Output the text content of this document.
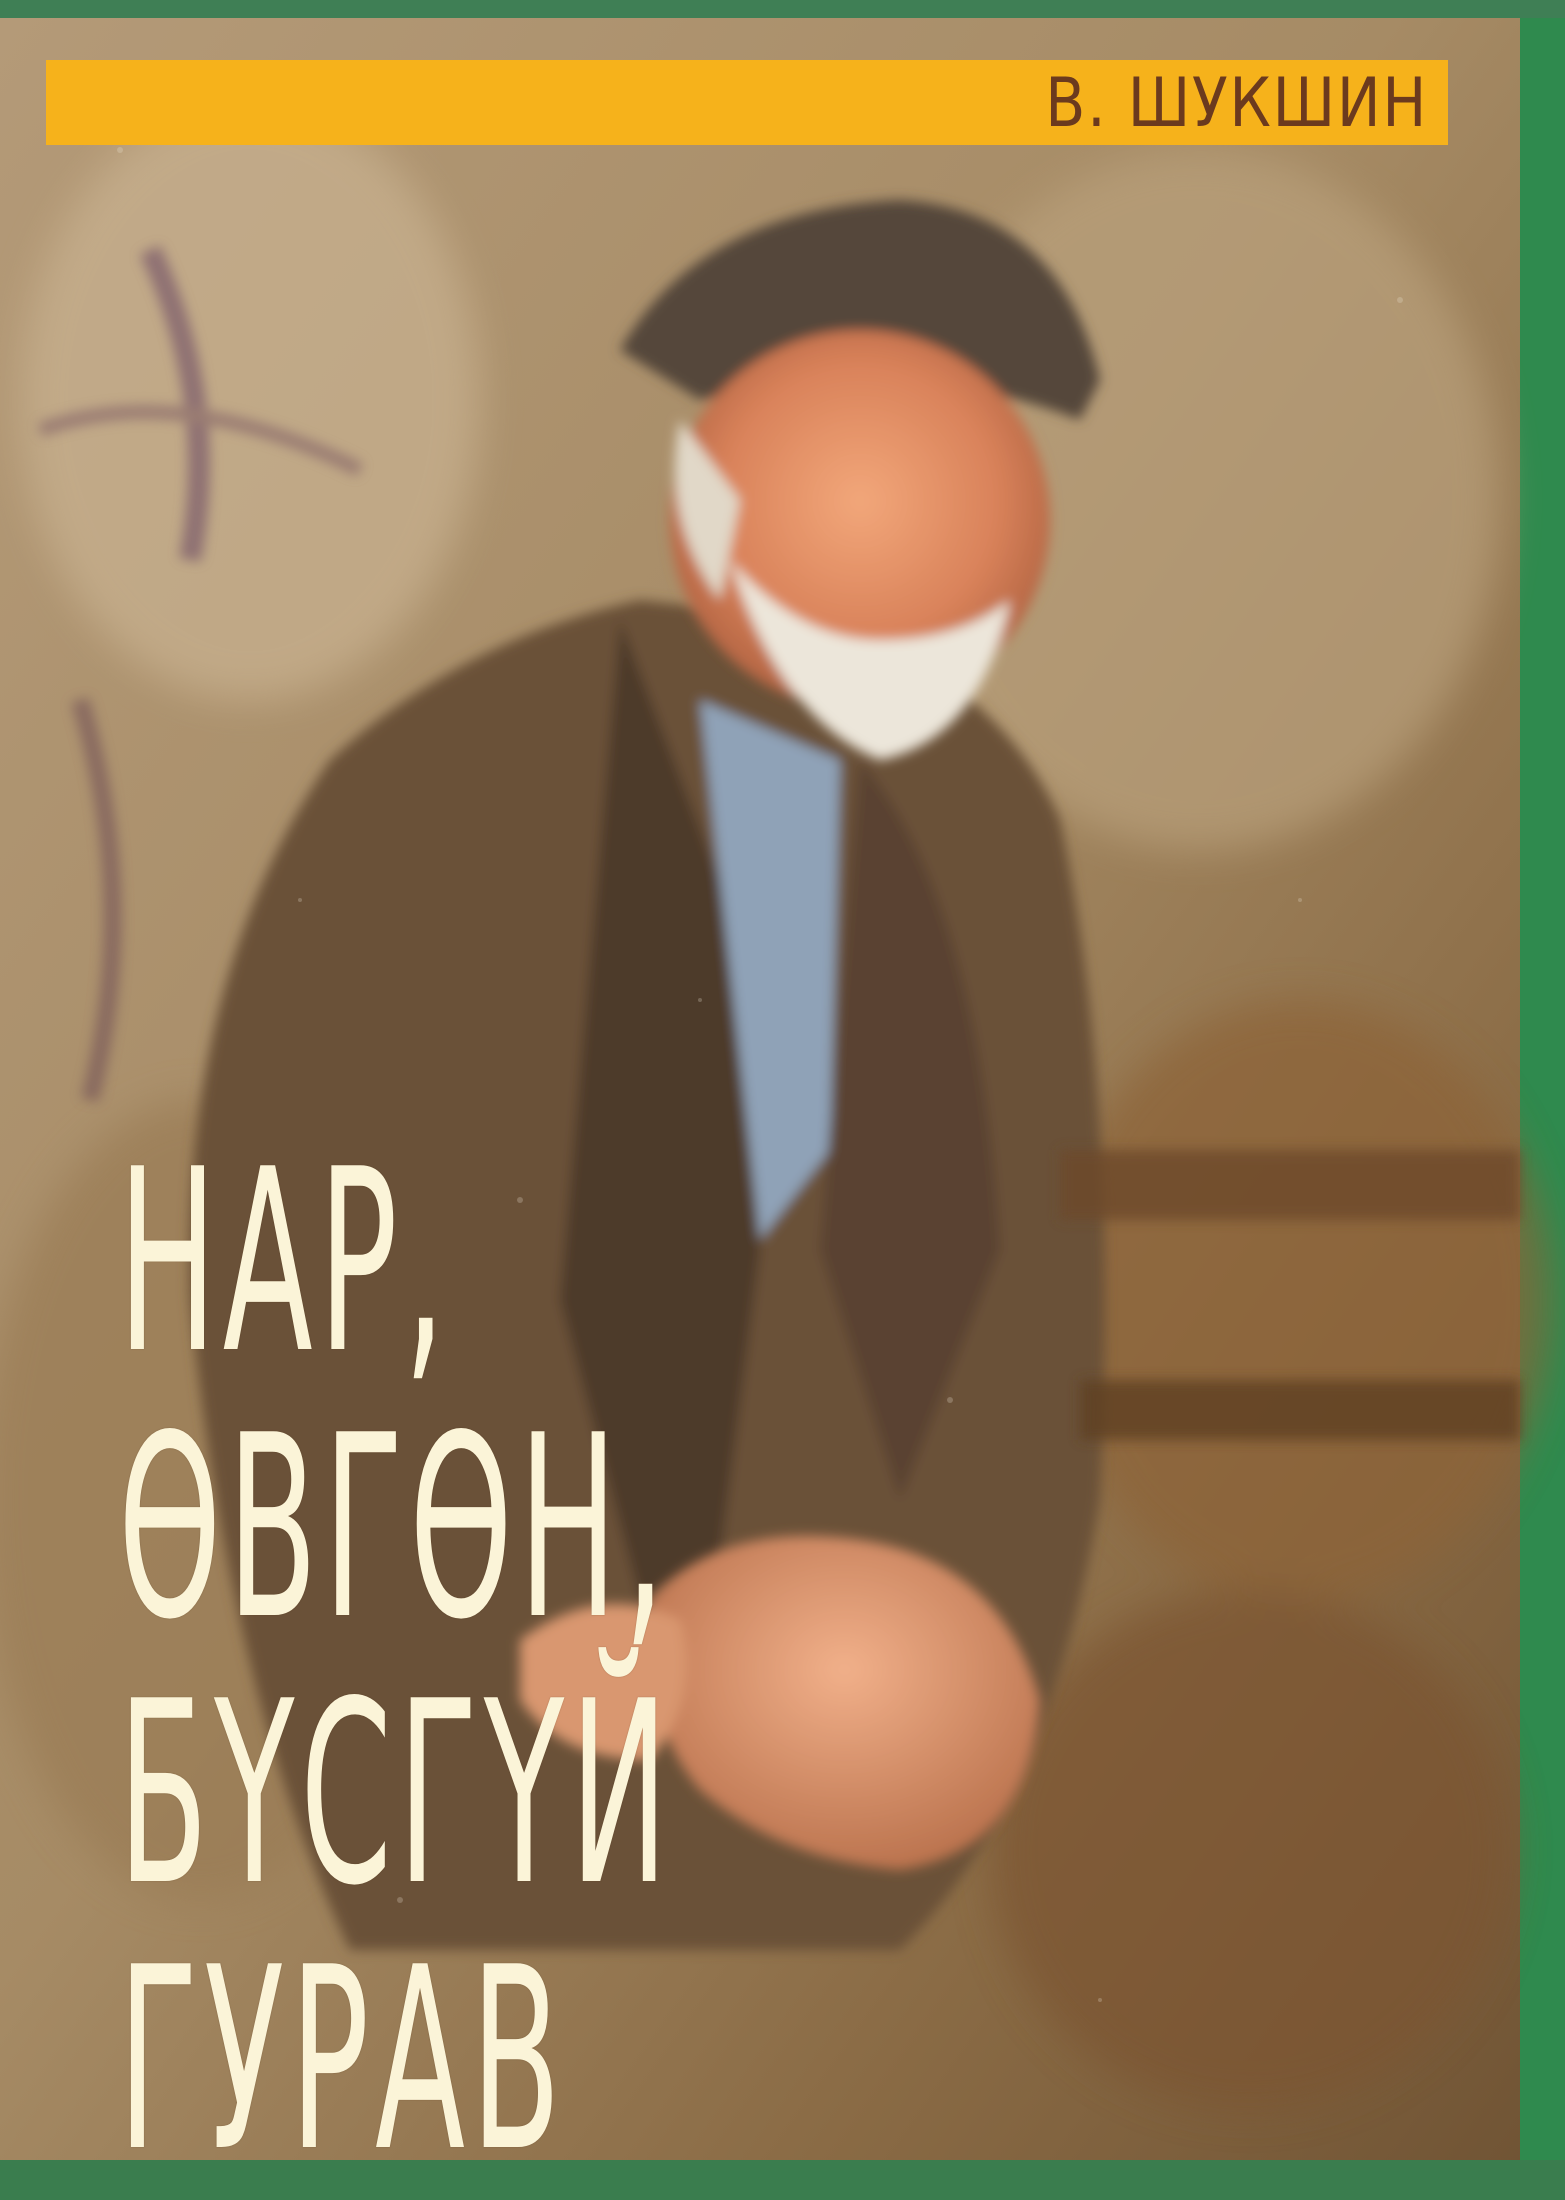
В. ШУКШИН
НАР,
ӨВГӨН,
БҮСГҮЙ
ГУРАВ
